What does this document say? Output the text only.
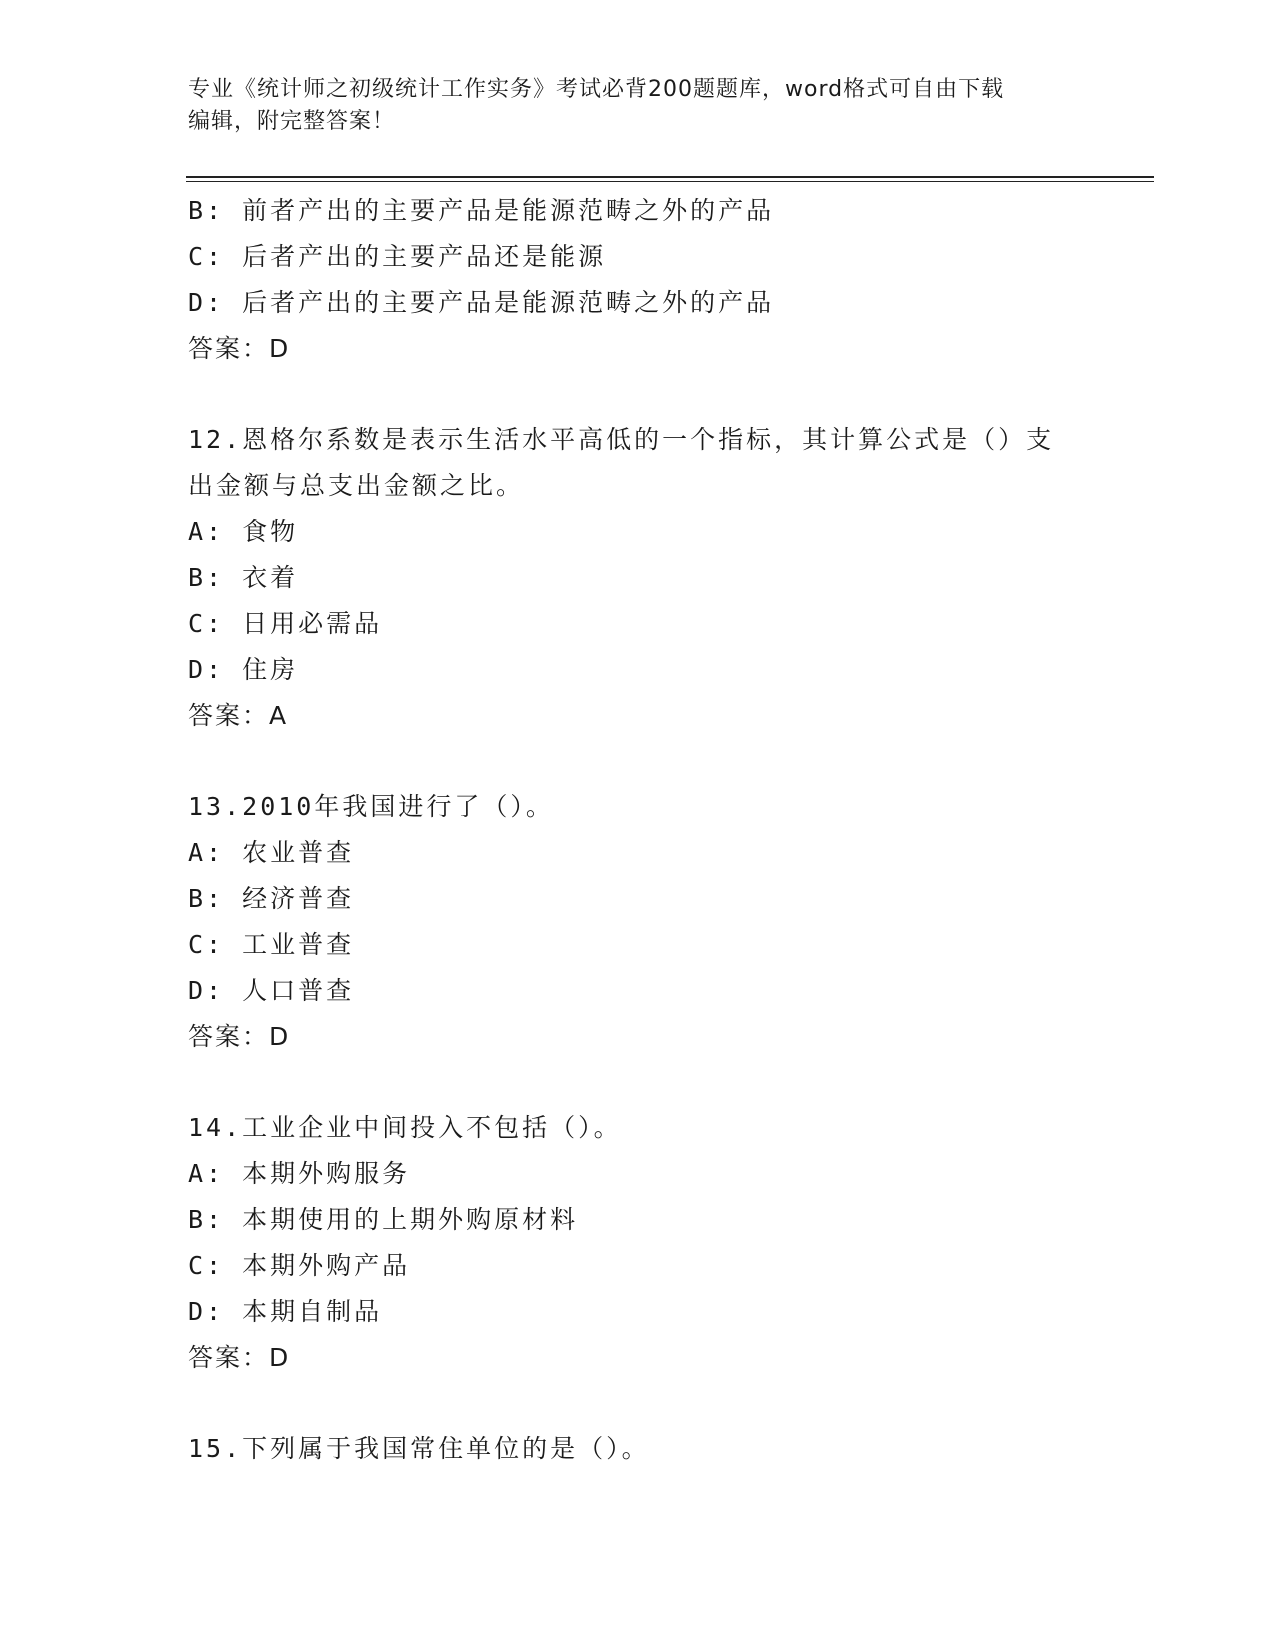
专业《统计师之初级统计工作实务》考试必背200题题库，word格式可自由下载
编辑，附完整答案！
B: 前者产出的主要产品是能源范畴之外的产品
C: 后者产出的主要产品还是能源
D: 后者产出的主要产品是能源范畴之外的产品
答案：D
12.恩格尔系数是表示生活水平高低的一个指标，其计算公式是（）支
出金额与总支出金额之比。
A: 食物
B: 衣着
C: 日用必需品
D: 住房
答案：A
13.2010年我国进行了（）。
A: 农业普查
B: 经济普查
C: 工业普查
D: 人口普查
答案：D
14.工业企业中间投入不包括（）。
A: 本期外购服务
B: 本期使用的上期外购原材料
C: 本期外购产品
D: 本期自制品
答案：D
15.下列属于我国常住单位的是（）。
